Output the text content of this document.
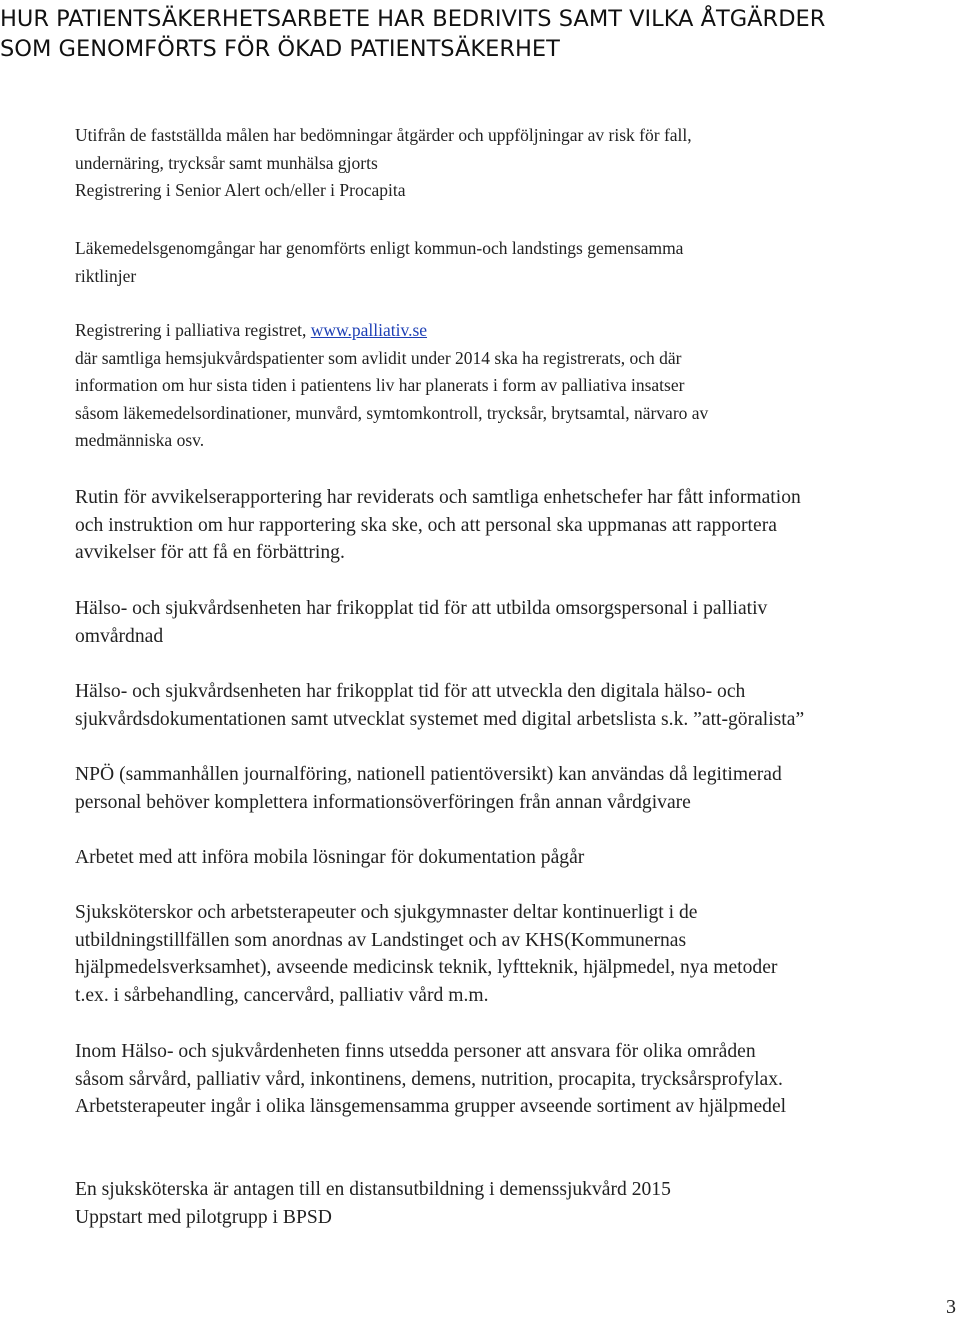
HUR PATIENTSÄKERHETSARBETE HAR BEDRIVITS SAMT VILKA ÅTGÄRDER
SOM GENOMFÖRTS FÖR ÖKAD PATIENTSÄKERHET

Utifrån de fastställda målen har bedömningar åtgärder och uppföljningar av risk för fall,
undernäring, trycksår samt munhälsa gjorts
Registrering i Senior Alert och/eller i Procapita

Läkemedelsgenomgångar har genomförts enligt kommun-och landstings gemensamma
riktlinjer

Registrering i palliativa registret, www.palliativ.se
där samtliga hemsjukvårdspatienter som avlidit under 2014 ska ha registrerats, och där
information om hur sista tiden i patientens liv har planerats i form av palliativa insatser
såsom läkemedelsordinationer, munvård, symtomkontroll, trycksår, brytsamtal, närvaro av
medmänniska osv.

Rutin för avvikelserapportering har reviderats och samtliga enhetschefer har fått information
och instruktion om hur rapportering ska ske, och att personal ska uppmanas att rapportera
avvikelser för att få en förbättring.

Hälso- och sjukvårdsenheten har frikopplat tid för att utbilda omsorgspersonal i palliativ
omvårdnad

Hälso- och sjukvårdsenheten har frikopplat tid för att utveckla den digitala hälso- och
sjukvårdsdokumentationen samt utvecklat systemet med digital arbetslista s.k. ”att-göralista”

NPÖ (sammanhållen journalföring, nationell patientöversikt) kan användas då legitimerad
personal behöver komplettera informationsöverföringen från annan vårdgivare

Arbetet med att införa mobila lösningar för dokumentation pågår

Sjuksköterskor och arbetsterapeuter och sjukgymnaster deltar kontinuerligt i de
utbildningstillfällen som anordnas av Landstinget och av KHS(Kommunernas
hjälpmedelsverksamhet), avseende medicinsk teknik, lyftteknik, hjälpmedel, nya metoder
t.ex. i sårbehandling, cancervård, palliativ vård m.m.

Inom Hälso- och sjukvårdenheten finns utsedda personer att ansvara för olika områden
såsom sårvård, palliativ vård, inkontinens, demens, nutrition, procapita, trycksårsprofylax.
Arbetsterapeuter ingår i olika länsgemensamma grupper avseende sortiment av hjälpmedel

En sjuksköterska är antagen till en distansutbildning i demenssjukvård 2015
Uppstart med pilotgrupp i BPSD

3
